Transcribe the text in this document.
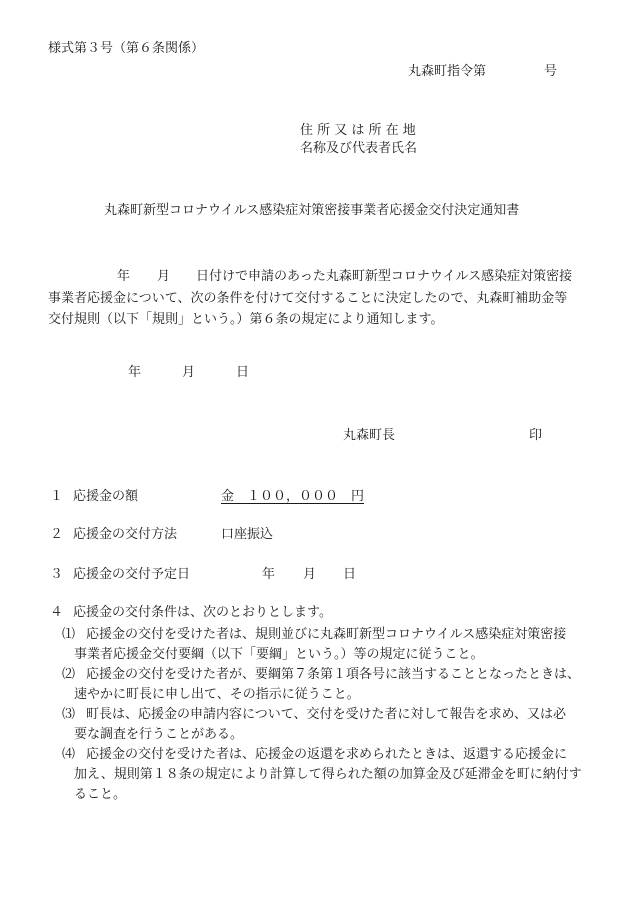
様式第３号（第６条関係）
丸森町指令第	号
住 所 又 は 所 在 地
名称及び代表者氏名
丸森町新型コロナウイルス感染症対策密接事業者応援金交付決定通知書
年 月 日付けで申請のあった丸森町新型コロナウイルス感染症対策密接
事業者応援金について、次の条件を付けて交付することに決定したので、丸森町補助金等
交付規則（以下「規則」という。）第６条の規定により通知します。
年	月	日
丸森町長	印
１ 応援金の額	金　１００，０００　円
２ 応援金の交付方法	口座振込
３ 応援金の交付予定日	年 月 日
４ 応援金の交付条件は、次のとおりとします。
⑴ 応援金の交付を受けた者は、規則並びに丸森町新型コロナウイルス感染症対策密接
事業者応援金交付要綱（以下「要綱」という。）等の規定に従うこと。
⑵ 応援金の交付を受けた者が、要綱第７条第１項各号に該当することとなったときは、
速やかに町長に申し出て、その指示に従うこと。
⑶ 町長は、応援金の申請内容について、交付を受けた者に対して報告を求め、又は必
要な調査を行うことがある。
⑷ 応援金の交付を受けた者は、応援金の返還を求められたときは、返還する応援金に
加え、規則第１８条の規定により計算して得られた額の加算金及び延滞金を町に納付す
ること。
